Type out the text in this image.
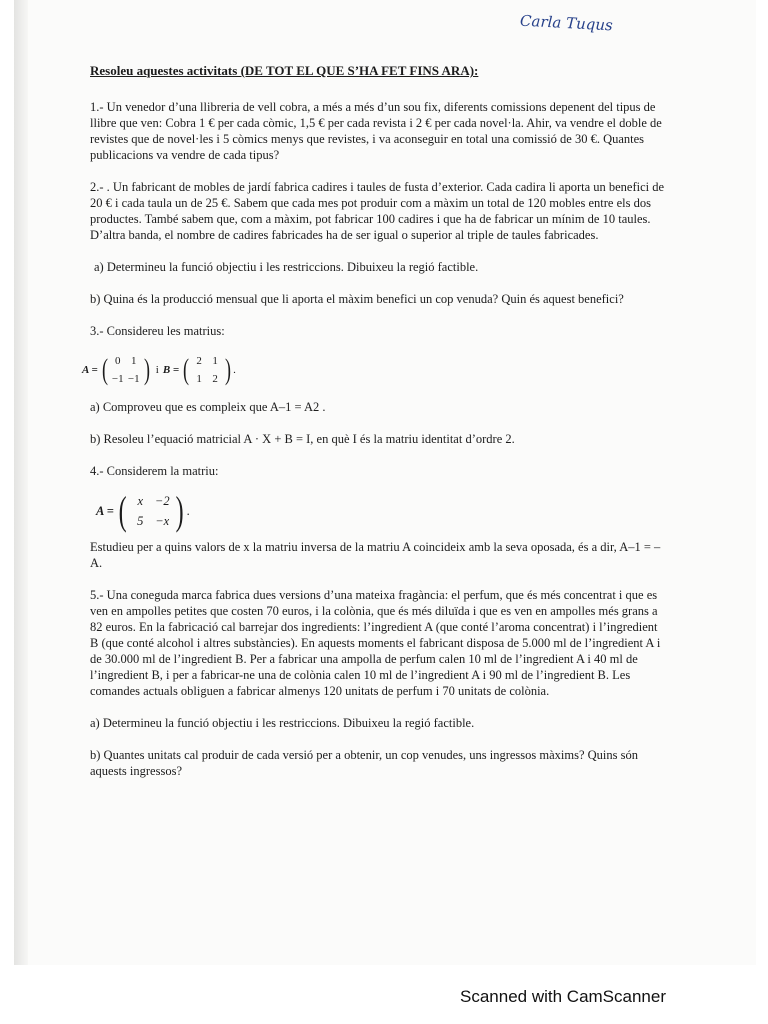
Carla Tuqus

Resoleu aquestes activitats (DE TOT EL QUE S’HA FET FINS ARA):

1.- Un venedor d’una llibreria de vell cobra, a més a més d’un sou fix, diferents comissions depenent del tipus de llibre que ven: Cobra 1 € per cada còmic, 1,5 € per cada revista i 2 € per cada novel·la. Ahir, va vendre el doble de revistes que de novel·les i 5 còmics menys que revistes, i va aconseguir en total una comissió de 30 €. Quantes publicacions va vendre de cada tipus?

2.- . Un fabricant de mobles de jardí fabrica cadires i taules de fusta d’exterior. Cada cadira li aporta un benefici de 20 € i cada taula un de 25 €. Sabem que cada mes pot produir com a màxim un total de 120 mobles entre els dos productes. També sabem que, com a màxim, pot fabricar 100 cadires i que ha de fabricar un mínim de 10 taules. D’altra banda, el nombre de cadires fabricades ha de ser igual o superior al triple de taules fabricades.

a) Determineu la funció objectiu i les restriccions. Dibuixeu la regió factible.

b) Quina és la producció mensual que li aporta el màxim benefici un cop venuda? Quin és aquest benefici?

3.- Considereu les matrius:

A = ( 0 1
−1 −1 ) i B = ( 2 1
1 2 ) .

a) Comproveu que es compleix que A–1 = A2 .

b) Resoleu l’equació matricial A · X + B = I, en què I és la matriu identitat d’ordre 2.

4.- Considerem la matriu:

A = ( x −2
5 −x ) .

Estudieu per a quins valors de x la matriu inversa de la matriu A coincideix amb la seva oposada, és a dir, A–1 = –A.

5.- Una coneguda marca fabrica dues versions d’una mateixa fragància: el perfum, que és més concentrat i que es ven en ampolles petites que costen 70 euros, i la colònia, que és més diluïda i que es ven en ampolles més grans a 82 euros. En la fabricació cal barrejar dos ingredients: l’ingredient A (que conté l’aroma concentrat) i l’ingredient B (que conté alcohol i altres substàncies). En aquests moments el fabricant disposa de 5.000 ml de l’ingredient A i de 30.000 ml de l’ingredient B. Per a fabricar una ampolla de perfum calen 10 ml de l’ingredient A i 40 ml de l’ingredient B, i per a fabricar-ne una de colònia calen 10 ml de l’ingredient A i 90 ml de l’ingredient B. Les comandes actuals obliguen a fabricar almenys 120 unitats de perfum i 70 unitats de colònia.

a) Determineu la funció objectiu i les restriccions. Dibuixeu la regió factible.

b) Quantes unitats cal produir de cada versió per a obtenir, un cop venudes, uns ingressos màxims? Quins són aquests ingressos?

Scanned with CamScanner
